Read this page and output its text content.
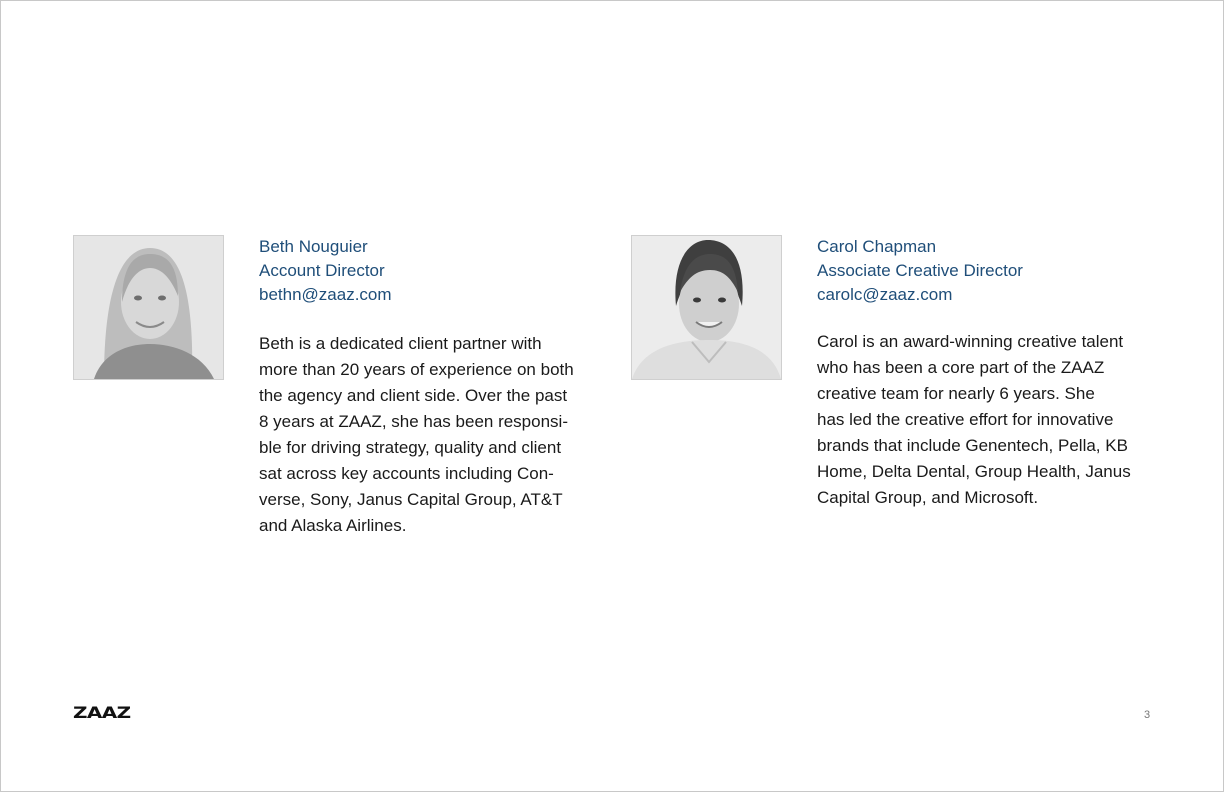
Beth Nouguier
Account Director
bethn@zaaz.com
Beth is a dedicated client partner with
more than 20 years of experience on both
the agency and client side. Over the past
8 years at ZAAZ, she has been responsi-
ble for driving strategy, quality and client
sat across key accounts including Con-
verse, Sony, Janus Capital Group, AT&T
and Alaska Airlines.
Carol Chapman
Associate Creative Director
carolc@zaaz.com
Carol is an award-winning creative talent
who has been a core part of the ZAAZ
creative team for nearly 6 years. She
has led the creative effort for innovative
brands that include Genentech, Pella, KB
Home, Delta Dental, Group Health, Janus
Capital Group, and Microsoft.
ZAAZ	3
